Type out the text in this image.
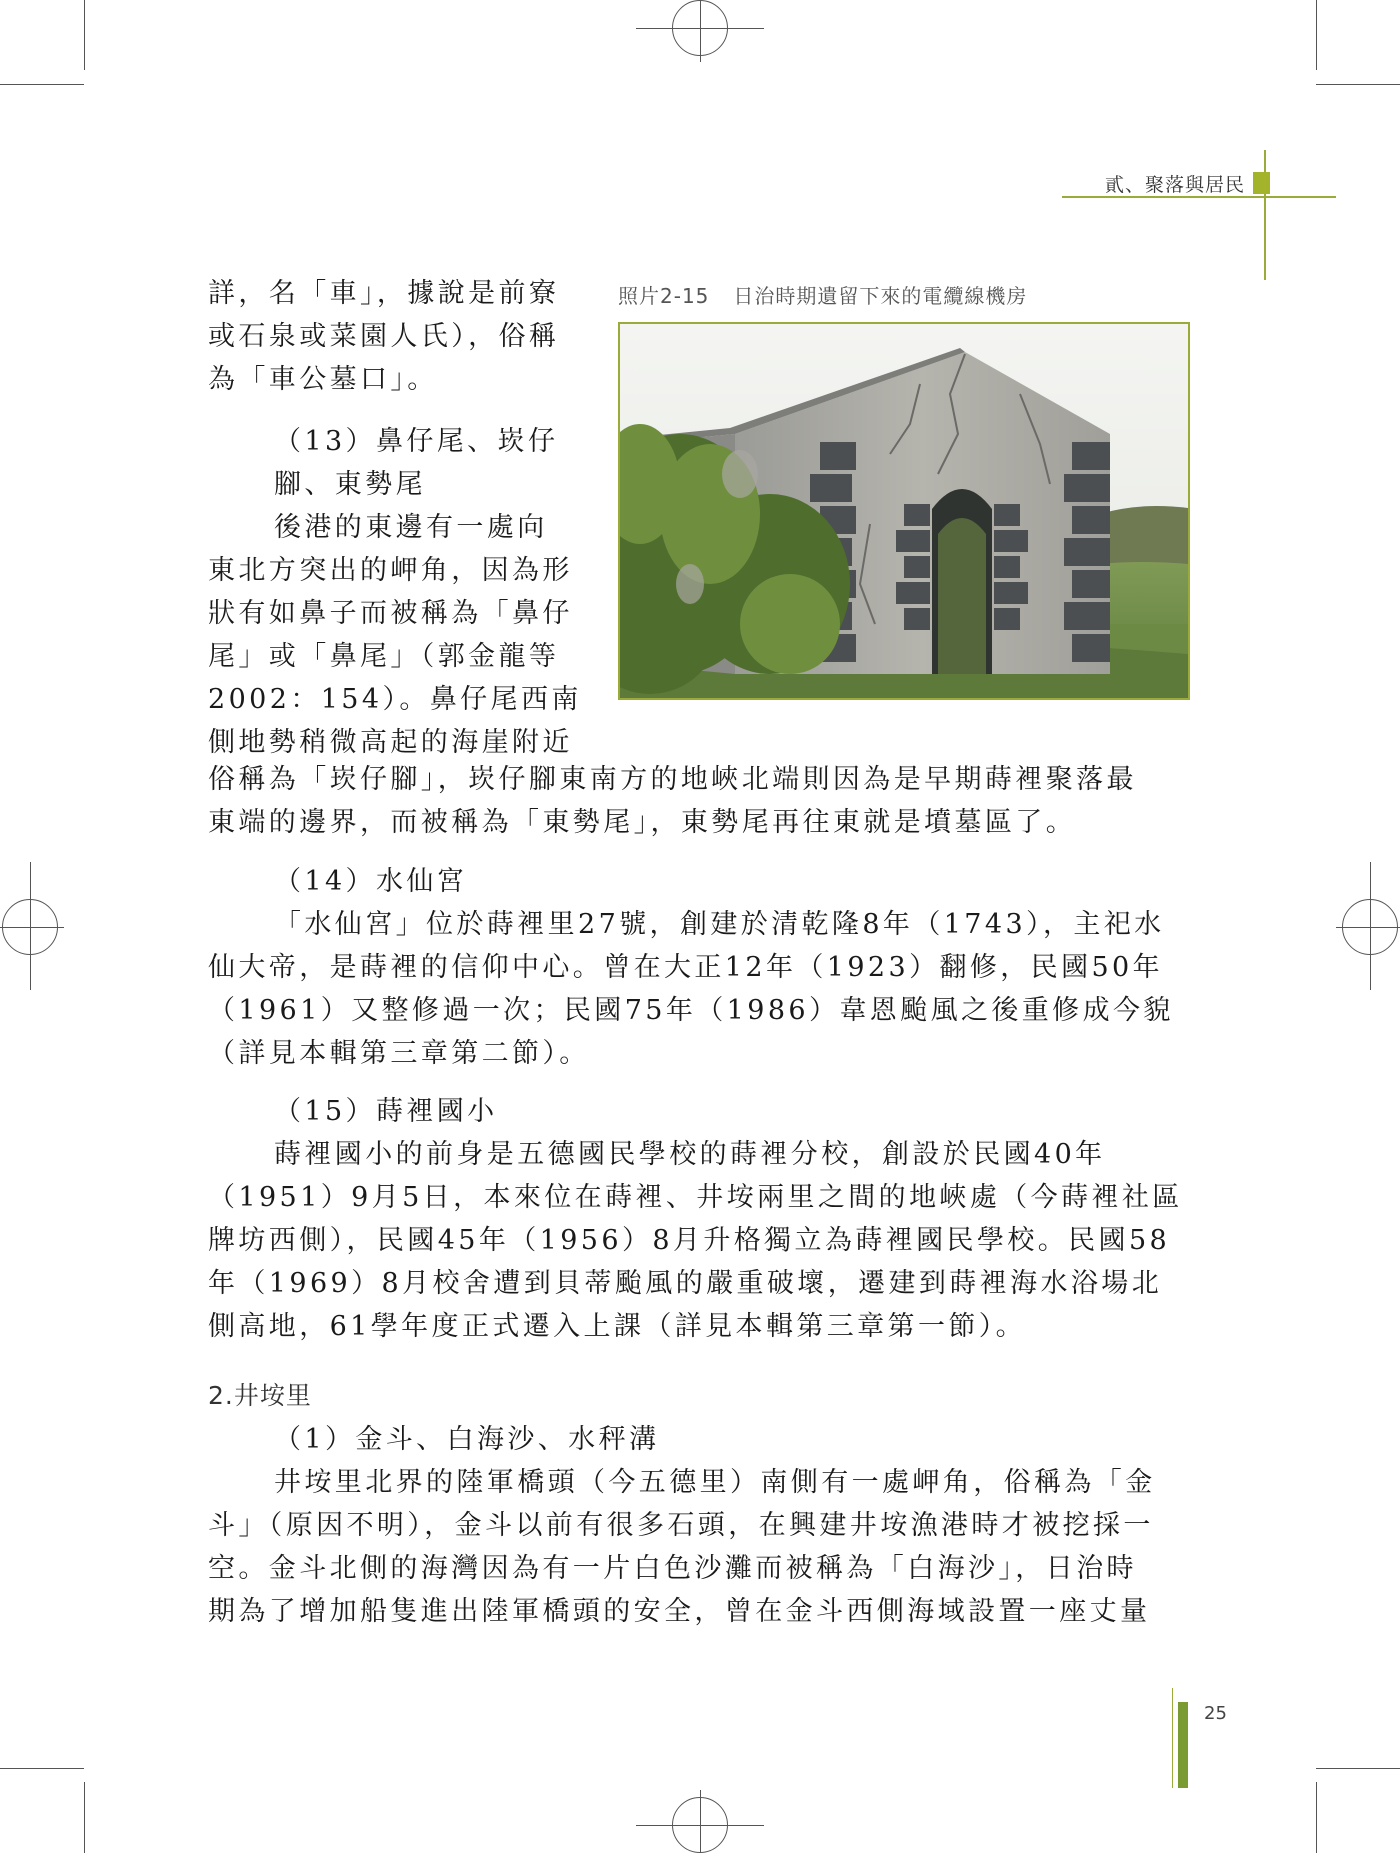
貳、聚落與居民
照片2-15 日治時期遺留下來的電纜線機房
詳，名「車」，據說是前寮
或石泉或菜園人氏），俗稱
為「車公墓口」。
（13）鼻仔尾、崁仔
腳、東勢尾
後港的東邊有一處向
東北方突出的岬角，因為形
狀有如鼻子而被稱為「鼻仔
尾」或「鼻尾」（郭金龍等
2002：154）。鼻仔尾西南
側地勢稍微高起的海崖附近
俗稱為「崁仔腳」，崁仔腳東南方的地峽北端則因為是早期蒔裡聚落最
東端的邊界，而被稱為「東勢尾」，東勢尾再往東就是墳墓區了。
（14）水仙宮
「水仙宮」位於蒔裡里27號，創建於清乾隆8年（1743），主祀水
仙大帝，是蒔裡的信仰中心。曾在大正12年（1923）翻修，民國50年
（1961）又整修過一次；民國75年（1986）韋恩颱風之後重修成今貌
（詳見本輯第三章第二節）。
（15）蒔裡國小
蒔裡國小的前身是五德國民學校的蒔裡分校，創設於民國40年
（1951）9月5日，本來位在蒔裡、井垵兩里之間的地峽處（今蒔裡社區
牌坊西側），民國45年（1956）8月升格獨立為蒔裡國民學校。民國58
年（1969）8月校舍遭到貝蒂颱風的嚴重破壞，遷建到蒔裡海水浴場北
側高地，61學年度正式遷入上課（詳見本輯第三章第一節）。
2.井垵里
（1）金斗、白海沙、水秤溝
井垵里北界的陸軍橋頭（今五德里）南側有一處岬角，俗稱為「金
斗」（原因不明），金斗以前有很多石頭，在興建井垵漁港時才被挖採一
空。金斗北側的海灣因為有一片白色沙灘而被稱為「白海沙」，日治時
期為了增加船隻進出陸軍橋頭的安全，曾在金斗西側海域設置一座丈量
25
